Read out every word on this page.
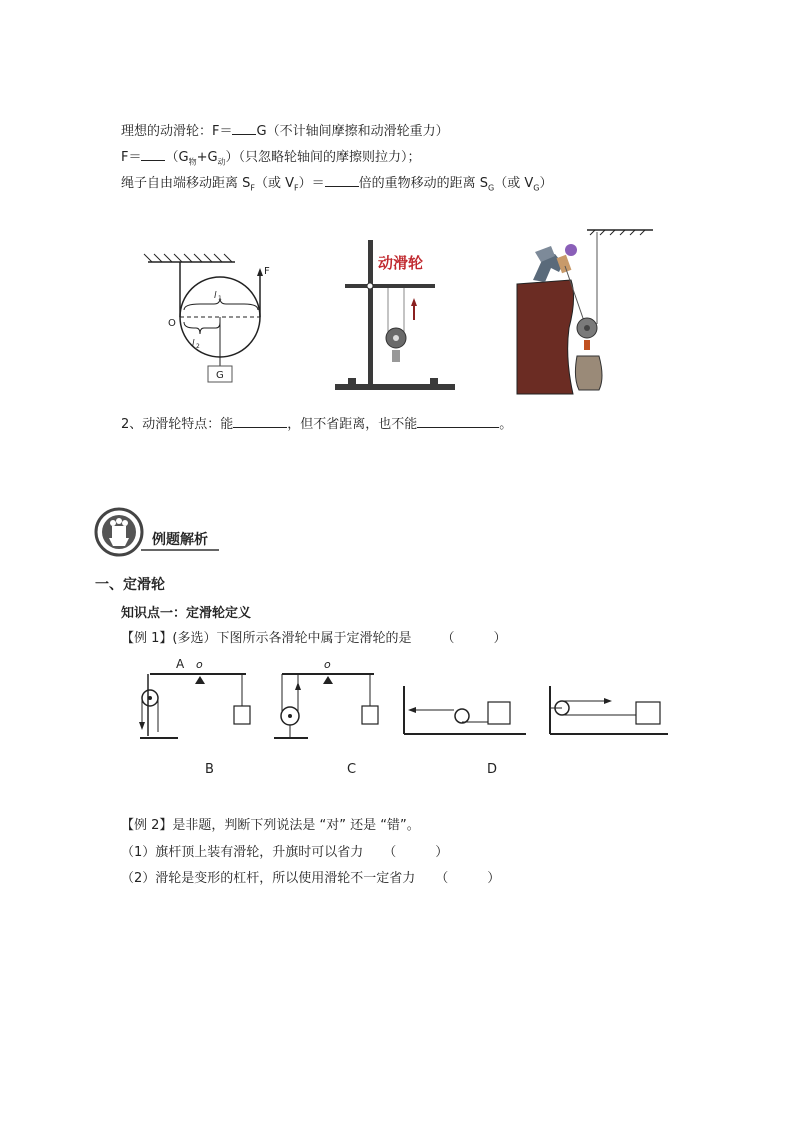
理想的动滑轮：F＝ G（不计轴间摩擦和动滑轮重力）
$F= (G_物+G_动)$（只忽略轮轴间的摩擦则拉力）；
绳子自由端移动距离 $S_F$（或 $V_F)=$	倍的重物移动的距离 $S_G$（或 $V_G$）
F
O
l 1
l 2
G
动滑轮
2、动滑轮特点：能	，但不省距离，也不能	。
例题解析
一、定滑轮
知识点一：定滑轮定义
【例 1】(多选）下图所示各滑轮中属于定滑轮的是 （　　　）
A o	o
B	C	D
【例 2】是非题，判断下列说法是 “对” 还是 “错”。
（1）旗杆顶上装有滑轮，升旗时可以省力 （　　　）
（2）滑轮是变形的杠杆，所以使用滑轮不一定省力 （　　　）
